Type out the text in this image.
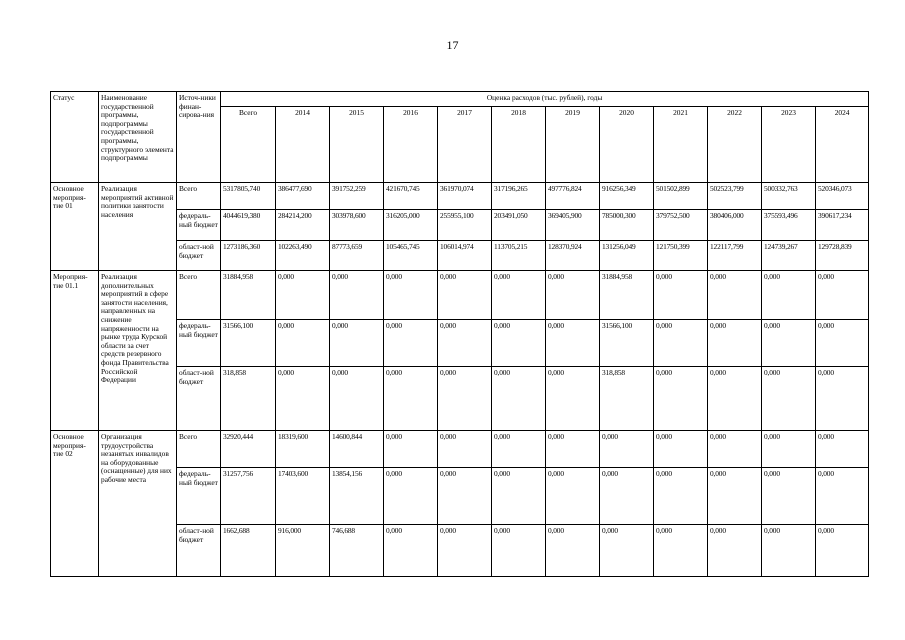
17
Статус	Наименование государственной программы, подпрограммы государственной программы, структурного элемента подпрограммы	Источ-ники финан-сирова-ния	Оценка расходов (тыс. рублей), годы											
			Всего	2014	2015	2016	2017	2018	2019	2020	2021	2022	2023	2024
Основное мероприя-тие 01	Реализация мероприятий активной политики занятости населения	Всего	5317805,740	386477,690	391752,259	421670,745	361970,074	317196,265	497776,824	916256,349	501502,899	502523,799	500332,763	520346,073
		федераль-ный бюджет	4044619,380	284214,200	303978,600	316205,000	255955,100	203491,050	369405,900	785000,300	379752,500	380406,000	375593,496	390617,234
		област-ной бюджет	1273186,360	102263,490	87773,659	105465,745	106014,974	113705,215	128370,924	131256,049	121750,399	122117,799	124739,267	129728,839
Мероприя-тие 01.1	Реализация дополнительных мероприятий в сфере занятости населения, направленных на снижение напряженности на рынке труда Курской области за счет средств резервного фонда Правительства Российской Федерации	Всего	31884,958	0,000	0,000	0,000	0,000	0,000	0,000	31884,958	0,000	0,000	0,000	0,000
		федераль-ный бюджет	31566,100	0,000	0,000	0,000	0,000	0,000	0,000	31566,100	0,000	0,000	0,000	0,000
		област-ной бюджет	318,858	0,000	0,000	0,000	0,000	0,000	0,000	318,858	0,000	0,000	0,000	0,000
Основное мероприя-тие 02	Организация трудоустройства незанятых инвалидов на оборудованные (оснащенные) для них рабочие места	Всего	32920,444	18319,600	14600,844	0,000	0,000	0,000	0,000	0,000	0,000	0,000	0,000	0,000
		федераль-ный бюджет	31257,756	17403,600	13854,156	0,000	0,000	0,000	0,000	0,000	0,000	0,000	0,000	0,000
		област-ной бюджет	1662,688	916,000	746,688	0,000	0,000	0,000	0,000	0,000	0,000	0,000	0,000	0,000
